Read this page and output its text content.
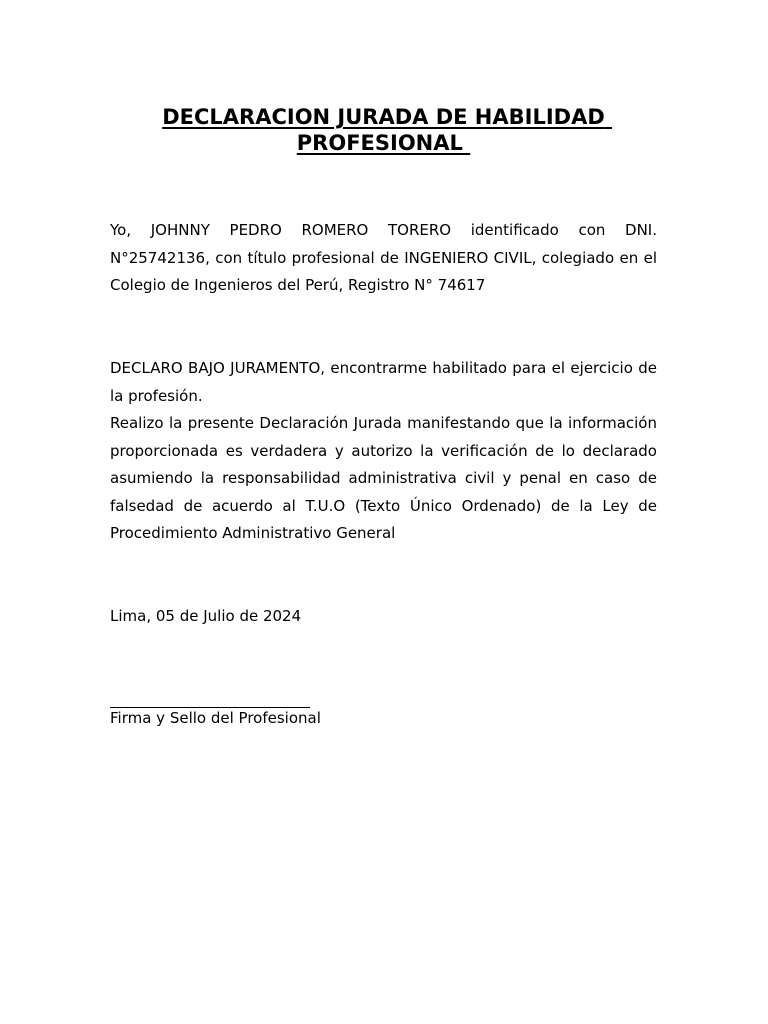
DECLARACION JURADA DE HABILIDAD PROFESIONAL

Yo, JOHNNY PEDRO ROMERO TORERO identificado con DNI. N°25742136, con título profesional de INGENIERO CIVIL, colegiado en el Colegio de Ingenieros del Perú, Registro N° 74617

DECLARO BAJO JURAMENTO, encontrarme habilitado para el ejercicio de la profesión.

Realizo la presente Declaración Jurada manifestando que la información proporcionada es verdadera y autorizo la verificación de lo declarado asumiendo la responsabilidad administrativa civil y penal en caso de falsedad de acuerdo al T.U.O (Texto Único Ordenado) de la Ley de Procedimiento Administrativo General

Lima, 05 de Julio de 2024

Firma y Sello del Profesional
